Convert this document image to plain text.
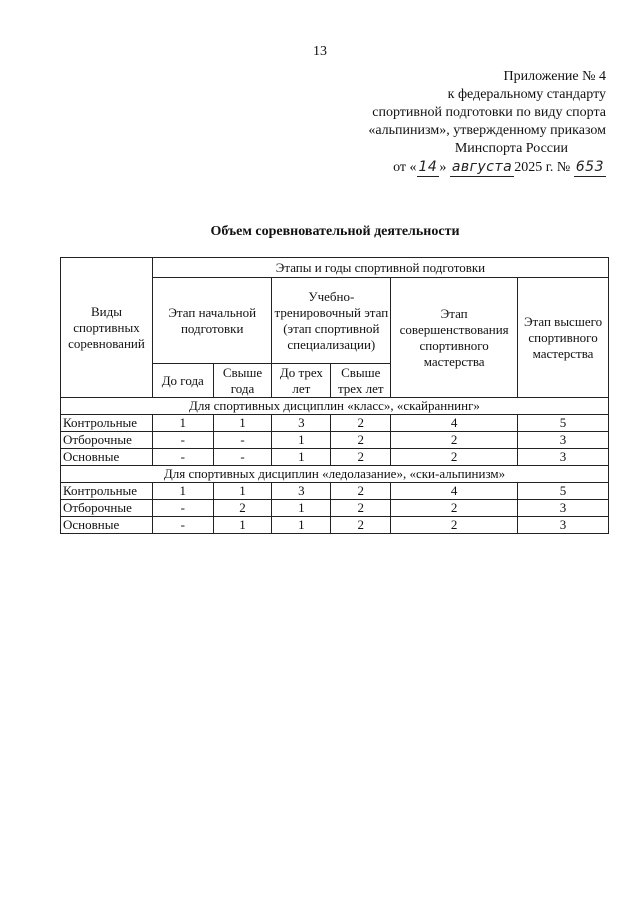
13
Приложение № 4
к федеральному стандарту
спортивной подготовки по виду спорта
«альпинизм», утвержденному приказом
Минспорта России
от « 14 » августа 2025 г. № 653
Объем соревновательной деятельности
Виды спортивных соревнований	Этапы и годы спортивной подготовки					
	Этап начальной подготовки		Учебно-тренировочный этап (этап спортивной специализации)		Этап совершенствования спортивного мастерства	Этап высшего спортивного мастерства
	До года	Свыше года	До трех лет	Свыше трех лет		
Для спортивных дисциплин «класс», «скайраннинг»						
Контрольные	1	1	3	2	4	5
Отборочные	-	-	1	2	2	3
Основные	-	-	1	2	2	3
Для спортивных дисциплин «ледолазание», «ски-альпинизм»						
Контрольные	1	1	3	2	4	5
Отборочные	-	2	1	2	2	3
Основные	-	1	1	2	2	3
